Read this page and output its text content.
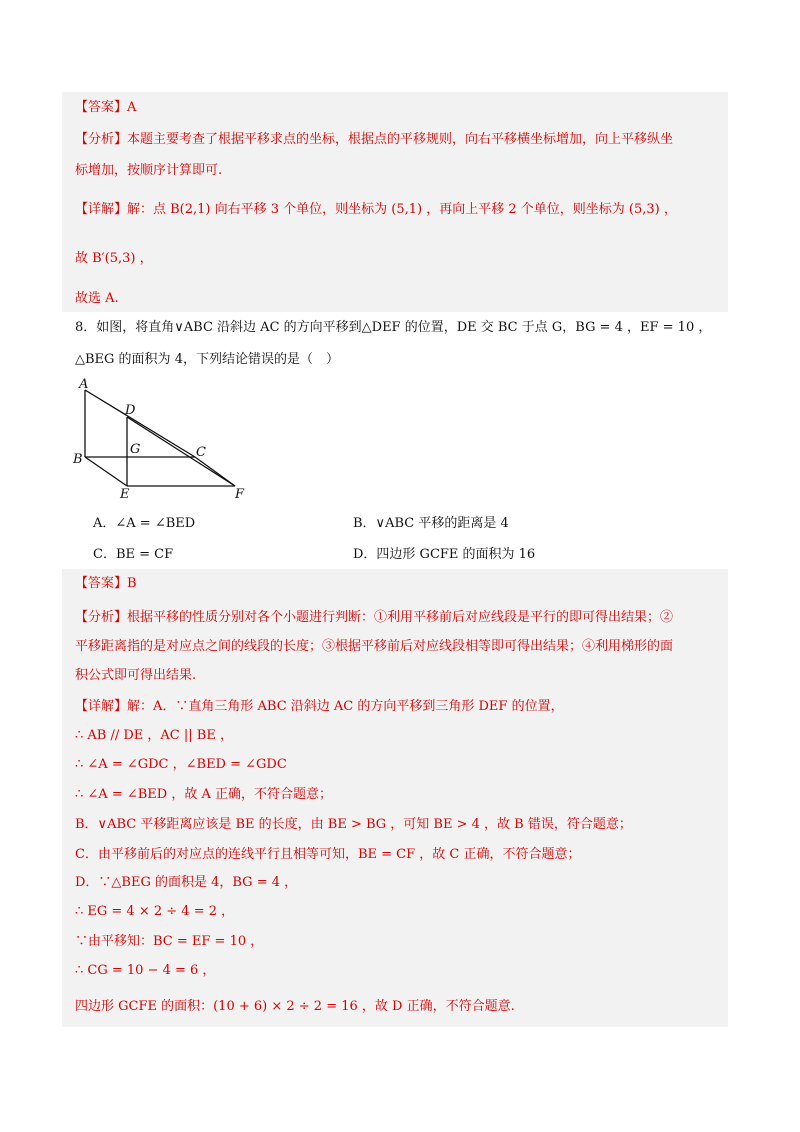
【答案】A
【分析】本题主要考查了根据平移求点的坐标，根据点的平移规则，向右平移横坐标增加，向上平移纵坐
标增加，按顺序计算即可.
【详解】解：点 B(2,1) 向右平移 3 个单位，则坐标为 (5,1) ，再向上平移 2 个单位，则坐标为 (5,3) ，
故 B′(5,3) ，
故选 A.
8．如图，将直角∨ABC 沿斜边 AC 的方向平移到△DEF 的位置，DE 交 BC 于点 G，BG = 4 ，EF = 10 ，
△BEG 的面积为 4，下列结论错误的是（　）
A
D
G	C
B
E	F
A．∠A = ∠BED	B．∨ABC 平移的距离是 4
C．BE = CF	D．四边形 GCFE 的面积为 16
【答案】B
【分析】根据平移的性质分别对各个小题进行判断：①利用平移前后对应线段是平行的即可得出结果；②
平移距离指的是对应点之间的线段的长度；③根据平移前后对应线段相等即可得出结果；④利用梯形的面
积公式即可得出结果.
【详解】解：A．∵直角三角形 ABC 沿斜边 AC 的方向平移到三角形 DEF 的位置，
∴ AB // DE ，AC || BE ，
∴ ∠A = ∠GDC ，∠BED = ∠GDC
∴ ∠A = ∠BED ，故 A 正确，不符合题意；
B．∨ABC 平移距离应该是 BE 的长度，由 BE > BG ，可知 BE > 4 ，故 B 错误，符合题意；
C．由平移前后的对应点的连线平行且相等可知，BE = CF ，故 C 正确，不符合题意；
D．∵△BEG 的面积是 4，BG = 4 ，
∴ EG = 4 × 2 ÷ 4 = 2 ，
∵由平移知：BC = EF = 10 ，
∴ CG = 10 − 4 = 6 ，
四边形 GCFE 的面积：(10 + 6) × 2 ÷ 2 = 16 ，故 D 正确，不符合题意.
